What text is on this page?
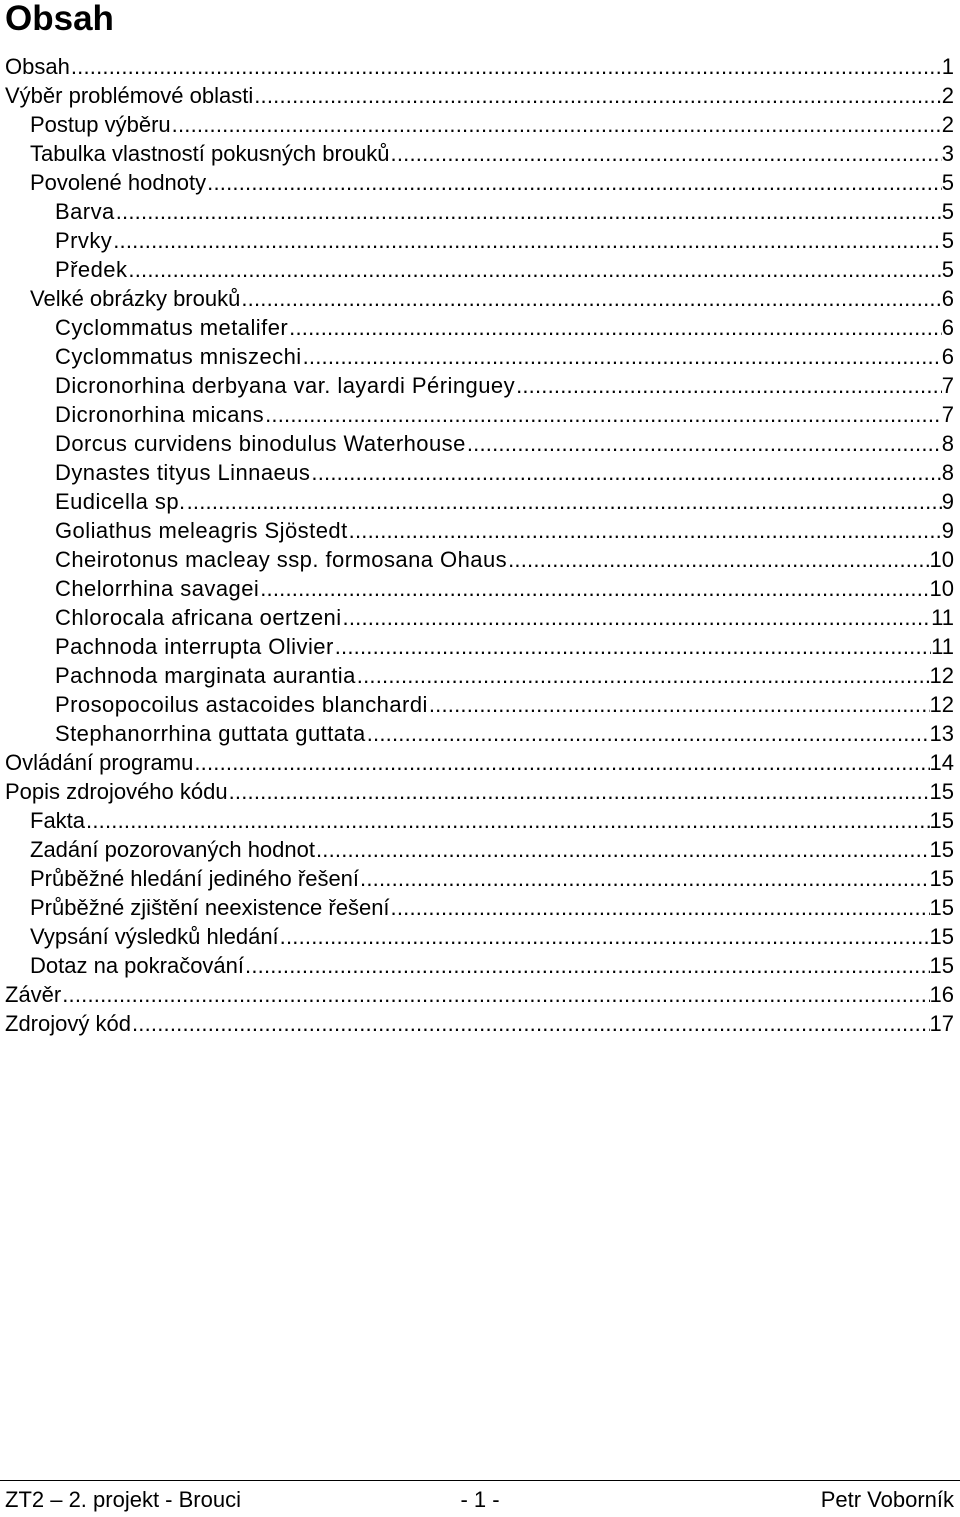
Obsah
Obsah .....	1
Výběr problémové oblasti .....	2
Postup výběru .....	2
Tabulka vlastností pokusných brouků .....	3
Povolené hodnoty .....	5
Barva .....	5
Prvky .....	5
Předek .....	5
Velké obrázky brouků .....	6
Cyclommatus metalifer .....	6
Cyclommatus mniszechi .....	6
Dicronorhina derbyana var. layardi Péringuey .....	7
Dicronorhina micans .....	7
Dorcus curvidens binodulus Waterhouse .....	8
Dynastes tityus Linnaeus .....	8
Eudicella sp. .....	9
Goliathus meleagris Sjöstedt .....	9
Cheirotonus macleay ssp. formosana Ohaus .....	10
Chelorrhina savagei .....	10
Chlorocala africana oertzeni .....	11
Pachnoda interrupta Olivier .....	11
Pachnoda marginata aurantia .....	12
Prosopocoilus astacoides blanchardi .....	12
Stephanorrhina guttata guttata .....	13
Ovládání programu .....	14
Popis zdrojového kódu .....	15
Fakta .....	15
Zadání pozorovaných hodnot .....	15
Průběžné hledání jediného řešení .....	15
Průběžné zjištění neexistence řešení .....	15
Vypsání výsledků hledání .....	15
Dotaz na pokračování .....	15
Závěr .....	16
Zdrojový kód .....	17
ZT2 – 2. projekt - Brouci	- 1 -	Petr Voborník
